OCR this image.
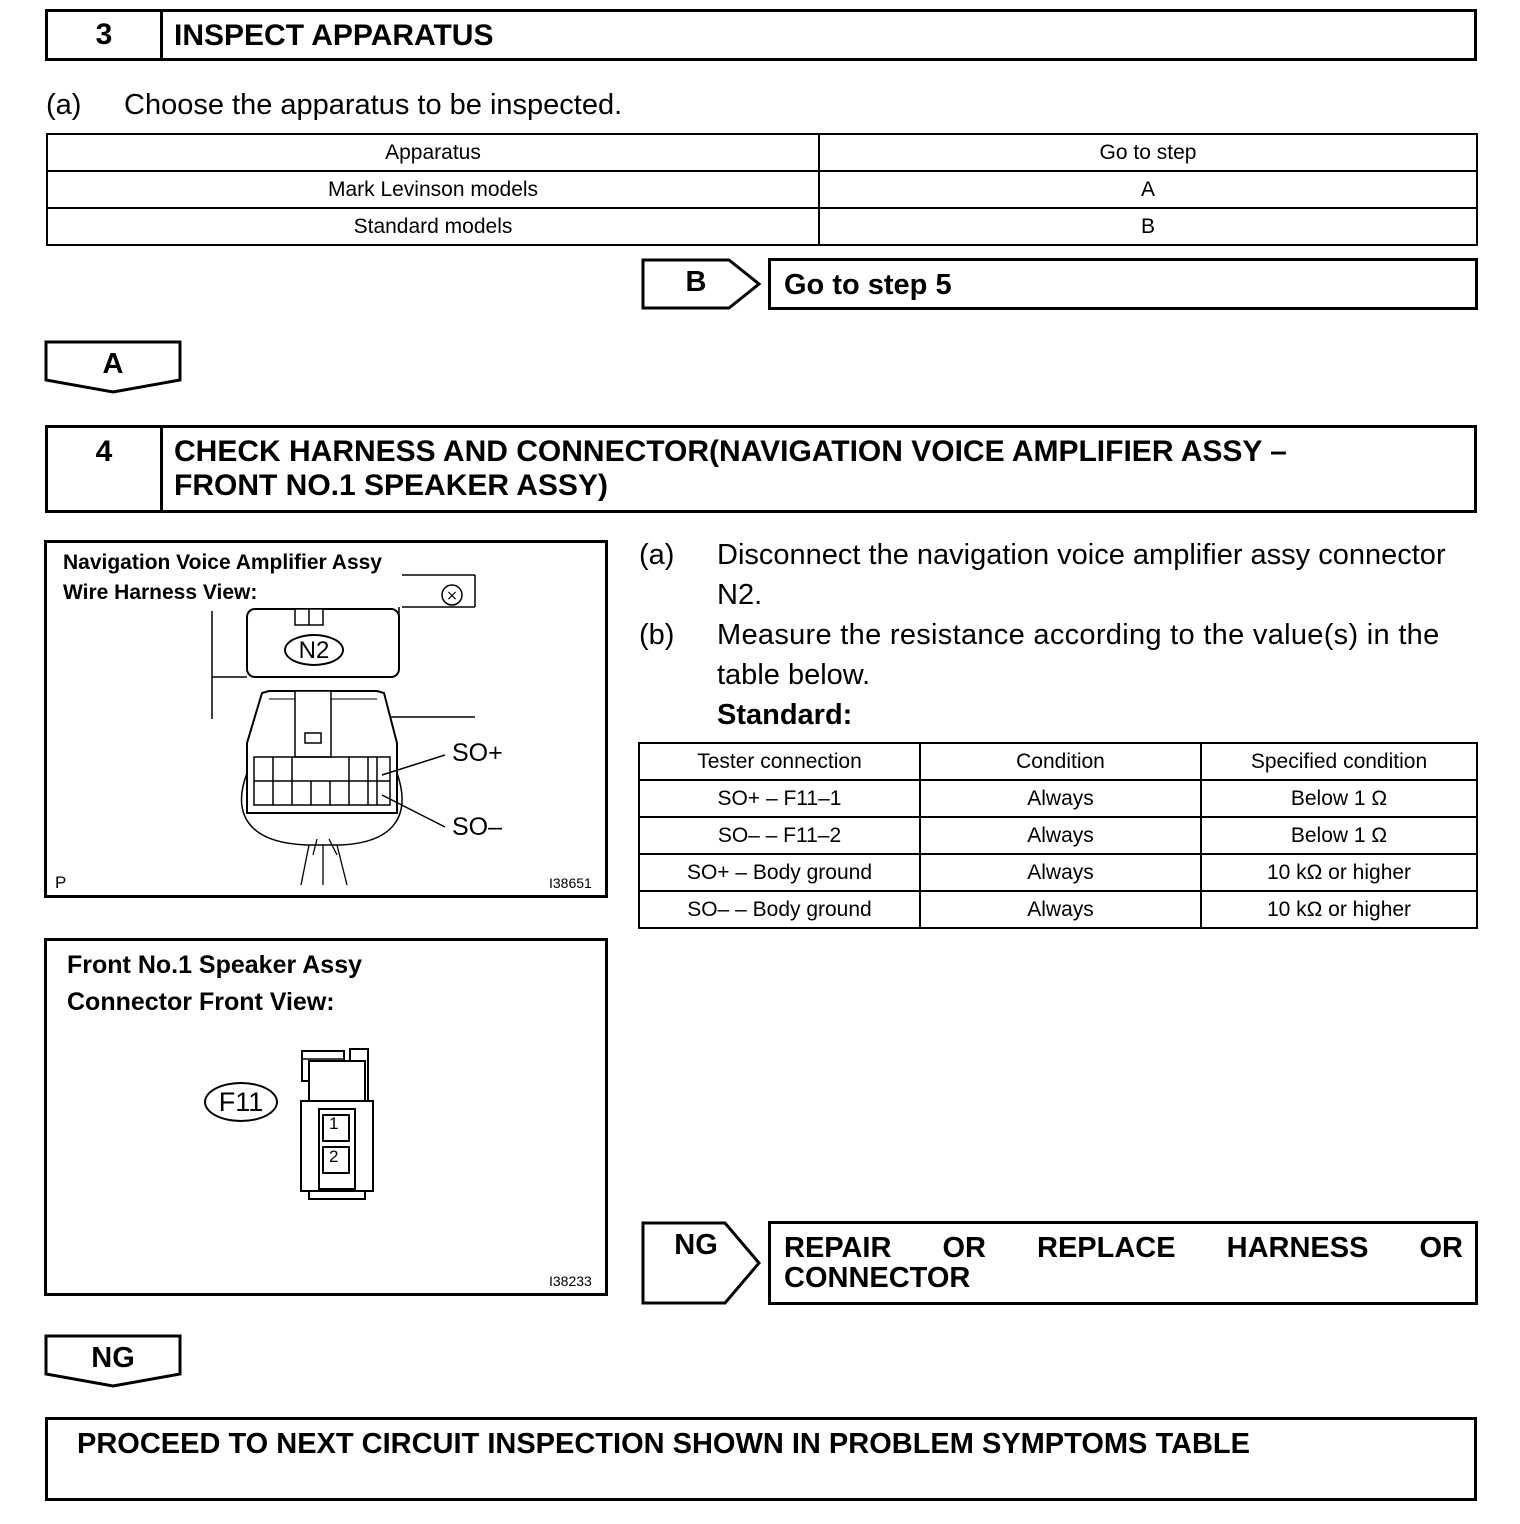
3	INSPECT APPARATUS
(a) Choose the apparatus to be inspected.
Apparatus	Go to step
Mark Levinson models	A
Standard models	B
B	Go to step 5
A
4	CHECK HARNESS AND CONNECTOR(NAVIGATION VOICE AMPLIFIER ASSY –
FRONT NO.1 SPEAKER ASSY)
Navigation Voice Amplifier Assy
Wire Harness View:	×
N2
SO+
SO–
P	I38651
Front No.1 Speaker Assy
Connector Front View:
1
2
F11
I38233
(a) Disconnect the navigation voice amplifier assy connector
N2.
(b) Measure the resistance according to the value(s) in the
table below.
Standard:
Tester connection	Condition	Specified condition
SO+ – F11–1	Always	Below 1 Ω
SO– – F11–2	Always	Below 1 Ω
SO+ – Body ground	Always	10 kΩ or higher
SO– – Body ground	Always	10 kΩ or higher
NG	REPAIR OR REPLACE HARNESS OR
CONNECTOR
NG
PROCEED TO NEXT CIRCUIT INSPECTION SHOWN IN PROBLEM SYMPTOMS TABLE
